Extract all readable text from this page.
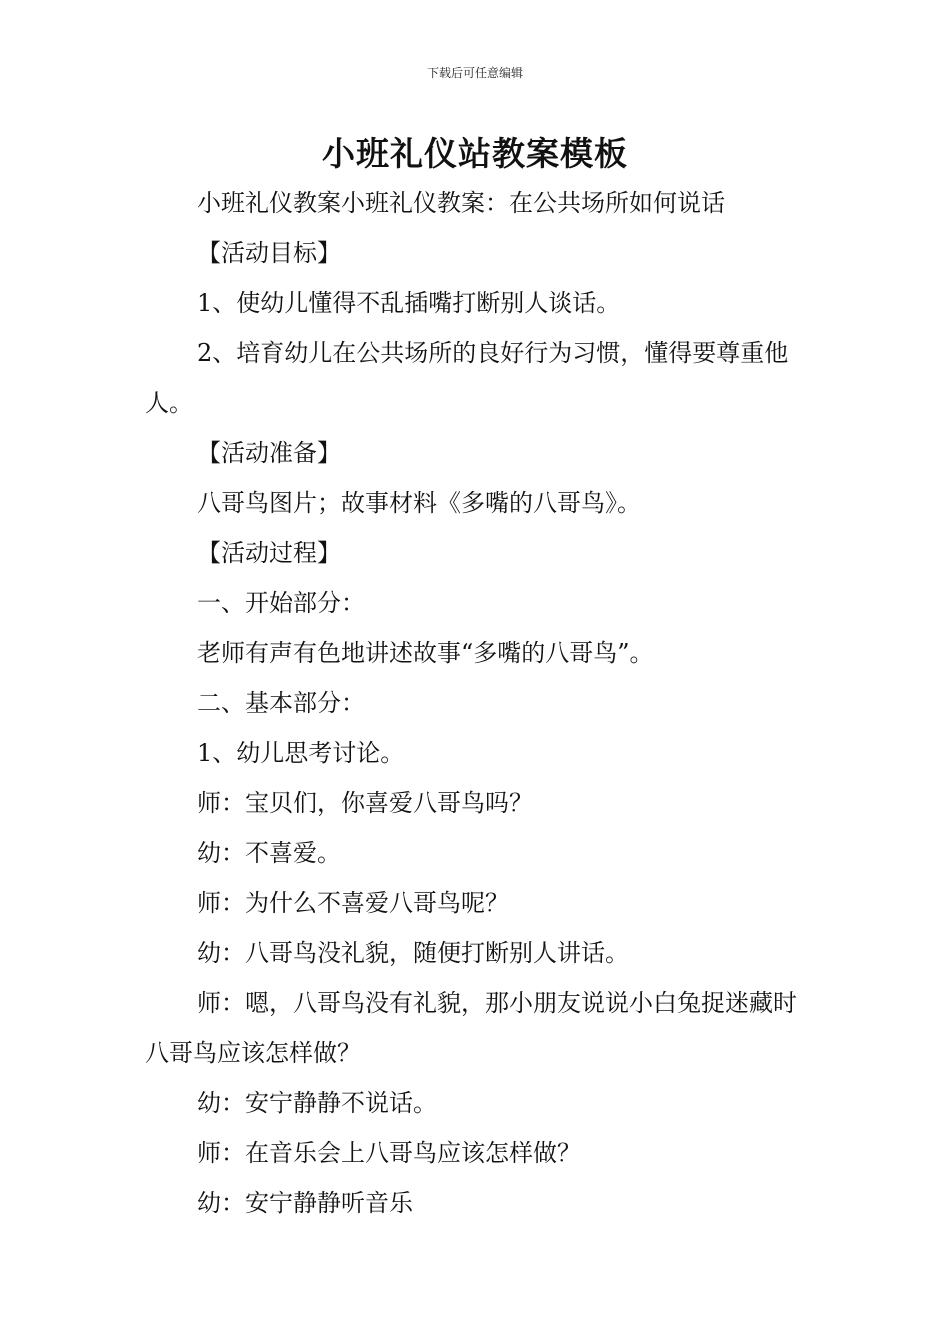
下载后可任意编辑
小班礼仪站教案模板

小班礼仪教案小班礼仪教案：在公共场所如何说话

【活动目标】

1、使幼儿懂得不乱插嘴打断别人谈话。

2、培育幼儿在公共场所的良好行为习惯，懂得要尊重他人。

【活动准备】

八哥鸟图片；故事材料《多嘴的八哥鸟》。

【活动过程】

一、开始部分：

老师有声有色地讲述故事“多嘴的八哥鸟”。

二、基本部分：

1、幼儿思考讨论。

师：宝贝们，你喜爱八哥鸟吗？

幼：不喜爱。

师：为什么不喜爱八哥鸟呢？

幼：八哥鸟没礼貌，随便打断别人讲话。

师：嗯，八哥鸟没有礼貌，那小朋友说说小白兔捉迷藏时八哥鸟应该怎样做？

幼：安宁静静不说话。

师：在音乐会上八哥鸟应该怎样做？

幼：安宁静静听音乐
